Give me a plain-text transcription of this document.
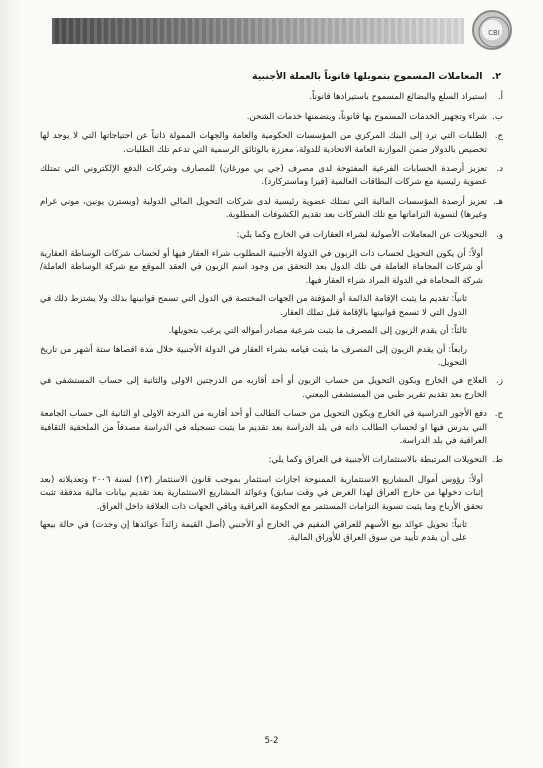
CBI
٢. المعاملات المسموح بتمويلها قانوناً بالعملة الأجنبية
أ.
استيراد السلع والبضائع المسموح باستيرادها قانوناً.
ب.
شراء وتجهيز الخدمات المسموح بها قانوناً، ويتضمنها خدمات الشحن.
ج.
الطلبات التي ترد إلى البنك المركزي من المؤسسات الحكومية والعامة والجهات الممولة ذاتياً عن احتياجاتها التي لا يوجد لها تخصيص بالدولار ضمن الموازنة العامة الاتحادية للدولة، معززة بالوثائق الرسمية التي تدعم تلك الطلبات.
د.
تعزيز أرصدة الحسابات الفرعية المفتوحة لدى مصرف (جي بي مورغان) للمصارف وشركات الدفع الإلكتروني التي تمتلك عضوية رئيسية مع شركات البطاقات العالمية (فيزا وماستركارد).
هـ.
تعزيز أرصدة المؤسسات المالية التي تمتلك عضوية رئيسية لدى شركات التحويل المالي الدولية (ويسترن يونين، موني غرام وغيرها) لتسوية التزاماتها مع تلك الشركات بعد تقديم الكشوفات المطلوبة.
و.
التحويلات عن المعاملات الأصولية لشراء العقارات في الخارج وكما يلي:
أولاً: أن يكون التحويل لحساب ذات الزبون في الدولة الأجنبية المطلوب شراء العقار فيها أو لحساب شركات الوساطة العقارية أو شركات المحاماة العاملة في تلك الدول بعد التحقق من وجود اسم الزبون في العقد الموقع مع شركة الوساطة العاملة/شركة المحاماة في الدولة المراد شراء العقار فيها.
ثانياً: تقديم ما يثبت الإقامة الدائمة أو المؤقتة من الجهات المختصة في الدول التي تسمح قوانينها بذلك ولا يشترط ذلك في الدول التي لا تسمح قوانينها بالإقامة قبل تملك العقار.
ثالثاً: أن يقدم الزبون إلى المصرف ما يثبت شرعية مصادر أمواله التي يرغب بتحويلها.
رابعاً: أن يقدم الزبون إلى المصرف ما يثبت قيامه بشراء العقار في الدولة الأجنبية خلال مدة اقصاها ستة أشهر من تاريخ التحويل.
ز.
العلاج في الخارج ويكون التحويل من حساب الزبون أو أحد أقاربه من الدرجتين الاولى والثانية إلى حساب المستشفى في الخارج بعد تقديم تقرير طبي من المستشفى المعني.
ح.
دفع الأجور الدراسية في الخارج ويكون التحويل من حساب الطالب أو أحد أقاربه من الدرجة الاولى او الثانية الى حساب الجامعة التي يدرس فيها او لحساب الطالب ذاته في بلد الدراسة بعد تقديم ما يثبت تسجيله في الدراسة مصدقاً من الملحقية الثقافية العراقية في بلد الدراسة.
ط.
التحويلات المرتبطة بالاستثمارات الأجنبية في العراق وكما يلي:
أولاً: رؤوس أموال المشاريع الاستثمارية الممنوحة اجازات استثمار بموجب قانون الاستثمار (١٣) لسنة ٢٠٠٦ وتعديلاته (بعد إثبات دخولها من خارج العراق لهذا الغرض في وقت سابق) وعوائد المشاريع الاستثمارية بعد تقديم بيانات مالية مدققة تثبت تحقق الأرباح وما يثبت تسوية التزامات المستثمر مع الحكومة العراقية وباقي الجهات ذات العلاقة داخل العراق.
ثانياً: تحويل عوائد بيع الأسهم للعراقي المقيم في الخارج أو الأجنبي (أصل القيمة زائداً عوائدها إن وجدت) في حالة بيعها على أن يقدم تأييد من سوق العراق للأوراق المالية.
5-2
